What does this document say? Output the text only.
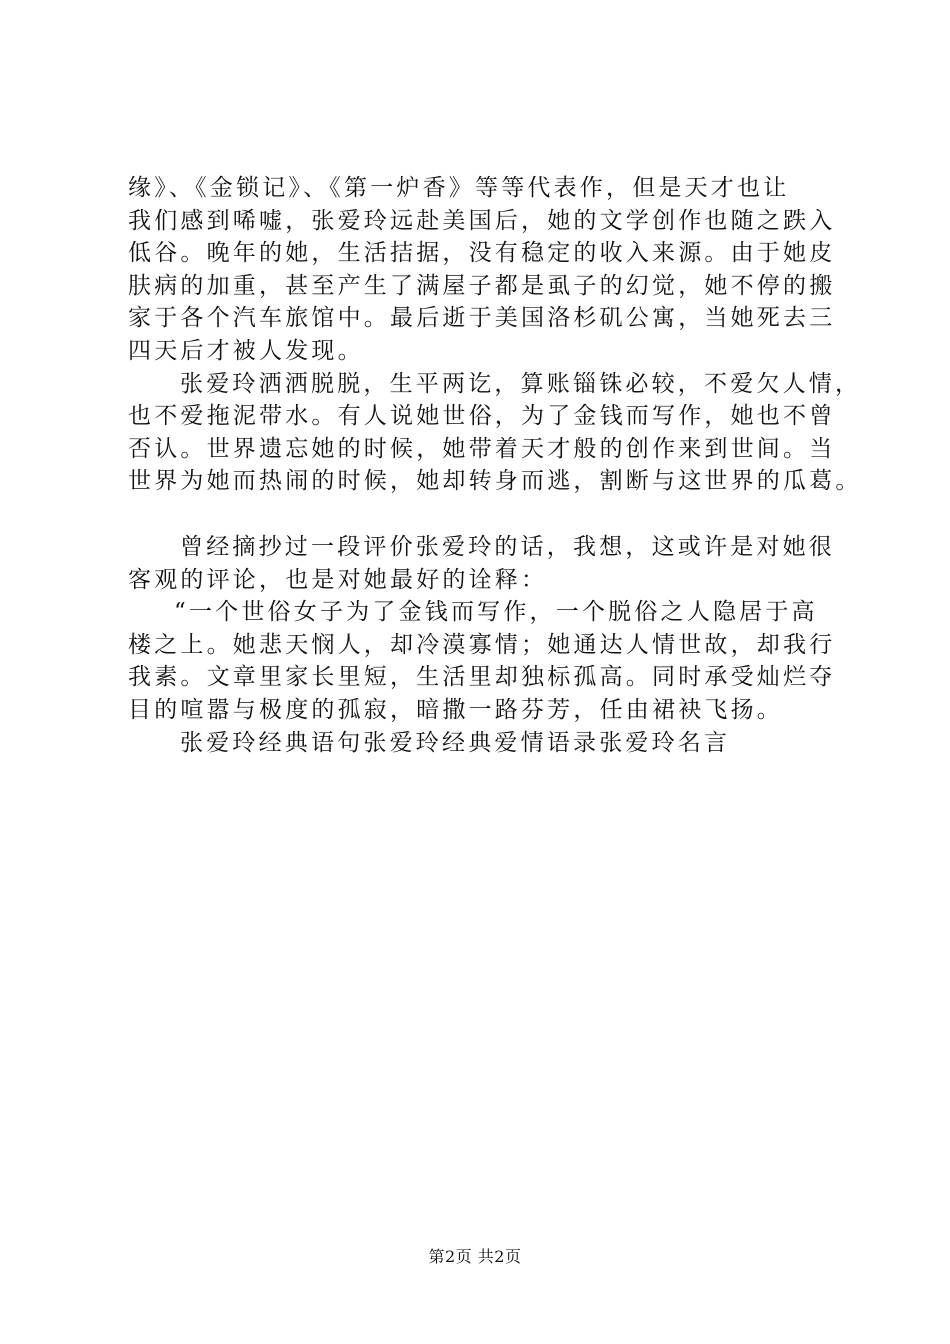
缘》、《金锁记》、《第一炉香》等等代表作，但是天才也让
我们感到唏嘘，张爱玲远赴美国后，她的文学创作也随之跌入
低谷。晚年的她，生活拮据，没有稳定的收入来源。由于她皮
肤病的加重，甚至产生了满屋子都是虱子的幻觉，她不停的搬
家于各个汽车旅馆中。最后逝于美国洛杉矶公寓，当她死去三
四天后才被人发现。
张爱玲洒洒脱脱，生平两讫，算账锱铢必较，不爱欠人情，
也不爱拖泥带水。有人说她世俗，为了金钱而写作，她也不曾
否认。世界遗忘她的时候，她带着天才般的创作来到世间。当
世界为她而热闹的时候，她却转身而逃，割断与这世界的瓜葛。
曾经摘抄过一段评价张爱玲的话，我想，这或许是对她很
客观的评论，也是对她最好的诠释：
“一个世俗女子为了金钱而写作，一个脱俗之人隐居于高
楼之上。她悲天悯人，却冷漠寡情；她通达人情世故，却我行
我素。文章里家长里短，生活里却独标孤高。同时承受灿烂夺
目的喧嚣与极度的孤寂，暗撒一路芬芳，任由裙袂飞扬。
张爱玲经典语句张爱玲经典爱情语录张爱玲名言
第2页 共2页
